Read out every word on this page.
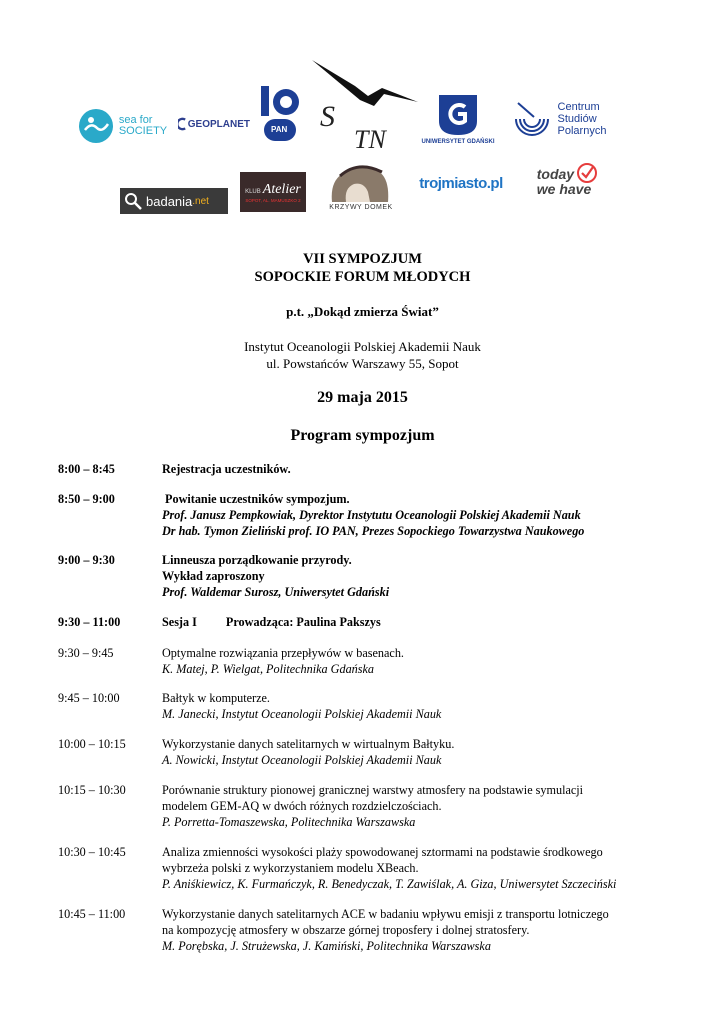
sea for
SOCIETY
GEOPLANET	PAN S
TN	UNIWERSYTET GDAŃSKI
Centrum
Studiów
Polarnych
badania .net
KLUB Atelier
SOPOT, AL. MAMUSZKO 2
KRZYWY DOMEK
trojmiasto.pl
today
we have
VII SYMPOZJUM
SOPOCKIE FORUM MŁODYCH
p.t. „Dokąd zmierza Świat”
Instytut Oceanologii Polskiej Akademii Nauk
ul. Powstańców Warszawy 55, Sopot
29 maja 2015
Program sympozjum
8:00 – 8:45	Rejestracja uczestników.
8:50 – 9:00	Powitanie uczestników sympozjum.
Prof. Janusz Pempkowiak, Dyrektor Instytutu Oceanologii Polskiej Akademii Nauk
Dr hab. Tymon Zieliński prof. IO PAN, Prezes Sopockiego Towarzystwa Naukowego
9:00 – 9:30	Linneusza porządkowanie przyrody.
Wykład zaproszony
Prof. Waldemar Surosz, Uniwersytet Gdański
9:30 – 11:00	Sesja I Prowadząca: Paulina Pakszys
9:30 – 9:45	Optymalne rozwiązania przepływów w basenach.
K. Matej, P. Wielgat, Politechnika Gdańska
9:45 – 10:00	Bałtyk w komputerze.
M. Janecki, Instytut Oceanologii Polskiej Akademii Nauk
10:00 – 10:15	Wykorzystanie danych satelitarnych w wirtualnym Bałtyku.
A. Nowicki, Instytut Oceanologii Polskiej Akademii Nauk
10:15 – 10:30	Porównanie struktury pionowej granicznej warstwy atmosfery na podstawie symulacji
modelem GEM-AQ w dwóch różnych rozdzielczościach.
P. Porretta-Tomaszewska, Politechnika Warszawska
10:30 – 10:45	Analiza zmienności wysokości plaży spowodowanej sztormami na podstawie środkowego
wybrzeża polski z wykorzystaniem modelu XBeach.
P. Aniśkiewicz, K. Furmańczyk, R. Benedyczak, T. Zawiślak, A. Giza, Uniwersytet Szczeciński
10:45 – 11:00	Wykorzystanie danych satelitarnych ACE w badaniu wpływu emisji z transportu lotniczego
na kompozycję atmosfery w obszarze górnej troposfery i dolnej stratosfery.
M. Porębska, J. Strużewska, J. Kamiński, Politechnika Warszawska
